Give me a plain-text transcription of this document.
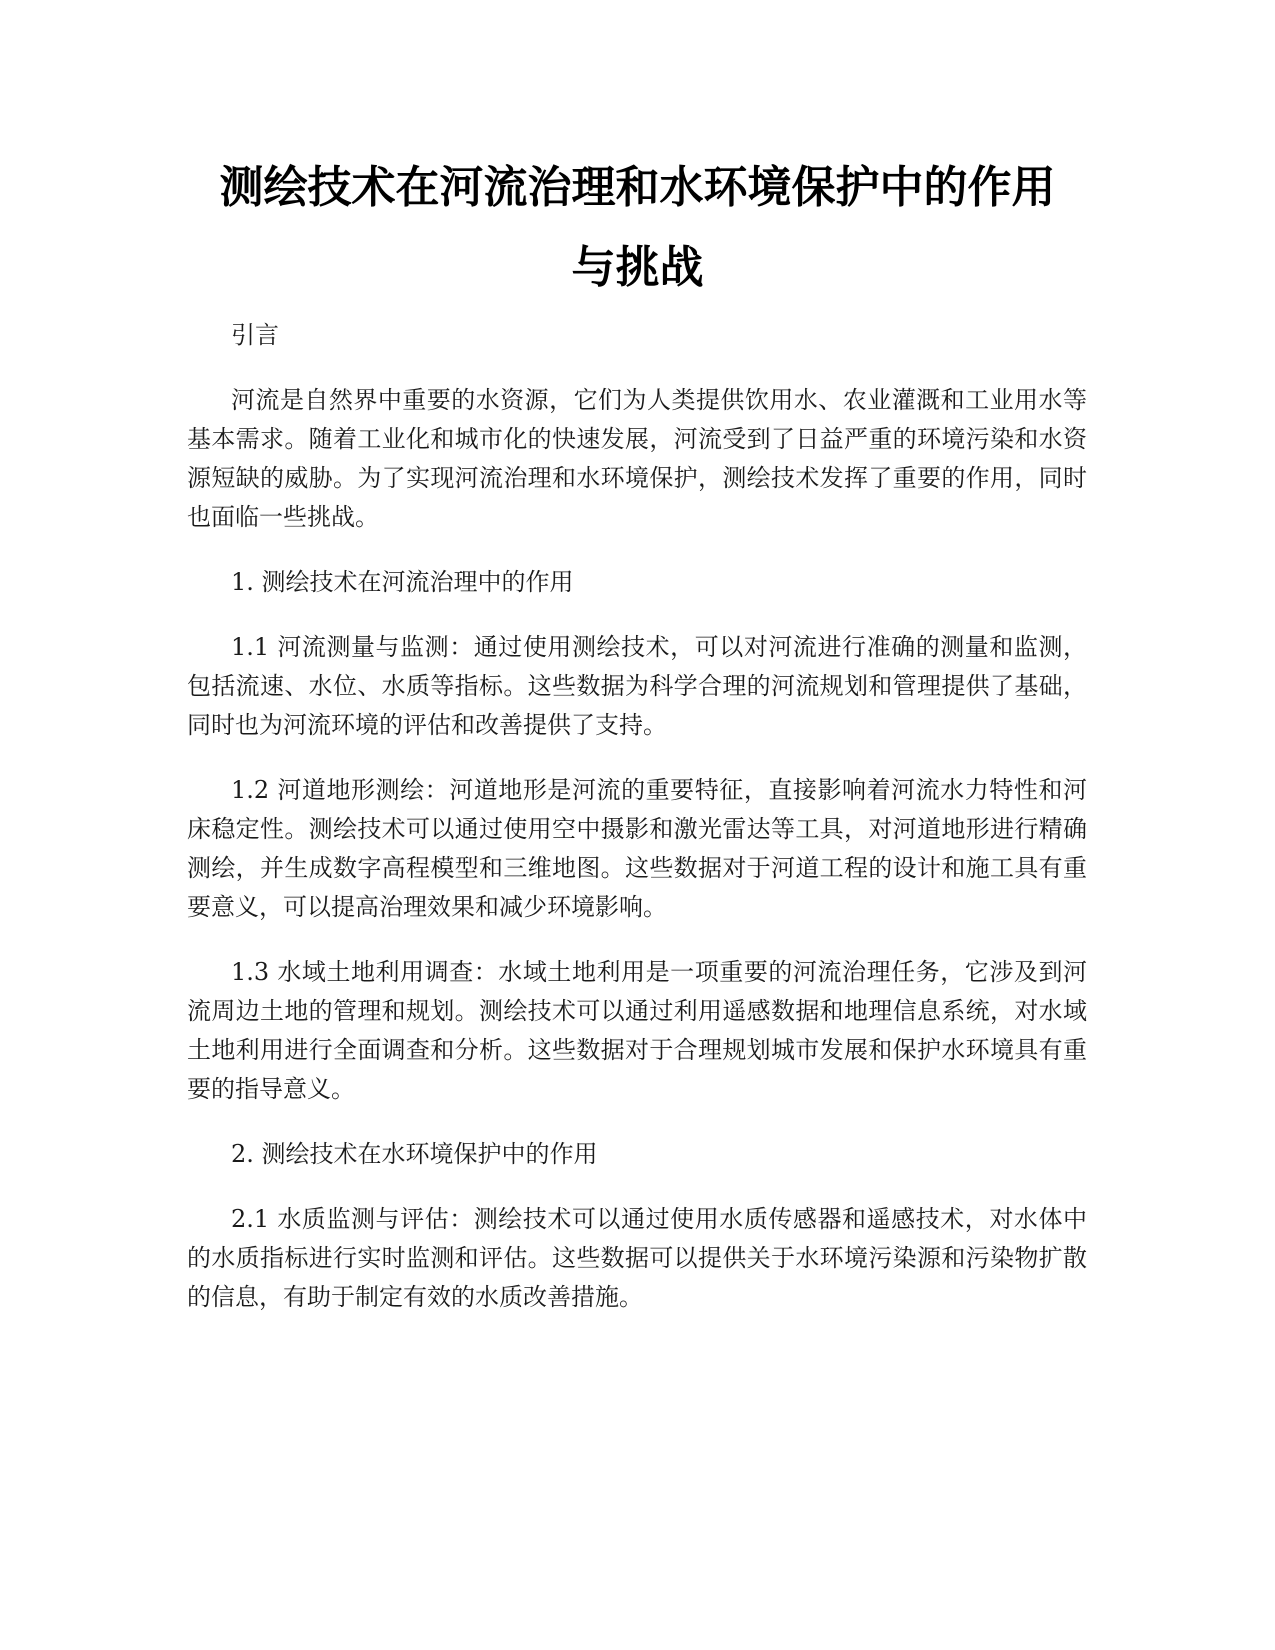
测绘技术在河流治理和水环境保护中的作用
与挑战

引言

河流是自然界中重要的水资源，它们为人类提供饮用水、农业灌溉和工业用水等基本需求。随着工业化和城市化的快速发展，河流受到了日益严重的环境污染和水资源短缺的威胁。为了实现河流治理和水环境保护，测绘技术发挥了重要的作用，同时也面临一些挑战。

1. 测绘技术在河流治理中的作用

1.1 河流测量与监测：通过使用测绘技术，可以对河流进行准确的测量和监测，包括流速、水位、水质等指标。这些数据为科学合理的河流规划和管理提供了基础，同时也为河流环境的评估和改善提供了支持。

1.2 河道地形测绘：河道地形是河流的重要特征，直接影响着河流水力特性和河床稳定性。测绘技术可以通过使用空中摄影和激光雷达等工具，对河道地形进行精确测绘，并生成数字高程模型和三维地图。这些数据对于河道工程的设计和施工具有重要意义，可以提高治理效果和减少环境影响。

1.3 水域土地利用调查：水域土地利用是一项重要的河流治理任务，它涉及到河流周边土地的管理和规划。测绘技术可以通过利用遥感数据和地理信息系统，对水域土地利用进行全面调查和分析。这些数据对于合理规划城市发展和保护水环境具有重要的指导意义。

2. 测绘技术在水环境保护中的作用

2.1 水质监测与评估：测绘技术可以通过使用水质传感器和遥感技术，对水体中的水质指标进行实时监测和评估。这些数据可以提供关于水环境污染源和污染物扩散的信息，有助于制定有效的水质改善措施。
